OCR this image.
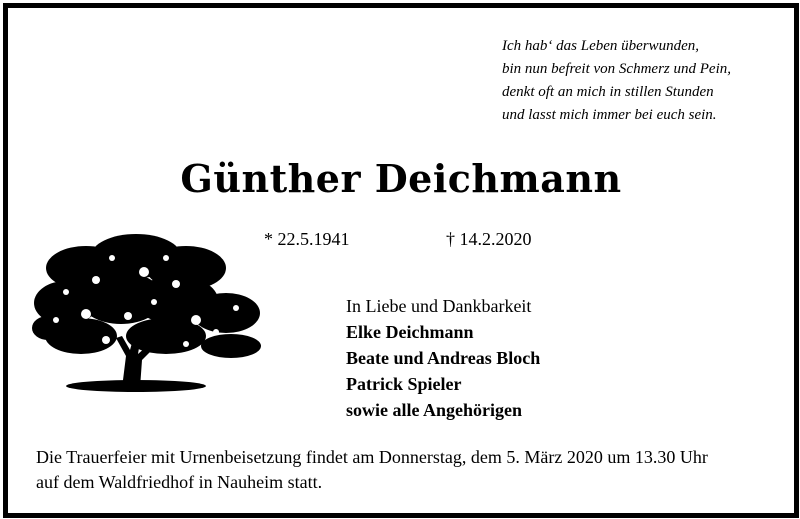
Ich hab‘ das Leben überwunden,
bin nun befreit von Schmerz und Pein,
denkt oft an mich in stillen Stunden
und lasst mich immer bei euch sein.
Günther Deichmann
* 22.5.1941	† 14.2.2020
In Liebe und Dankbarkeit
Elke Deichmann
Beate und Andreas Bloch
Patrick Spieler
sowie alle Angehörigen
Die Trauerfeier mit Urnenbeisetzung findet am Donnerstag, dem 5. März 2020 um 13.30 Uhr
auf dem Waldfriedhof in Nauheim statt.
